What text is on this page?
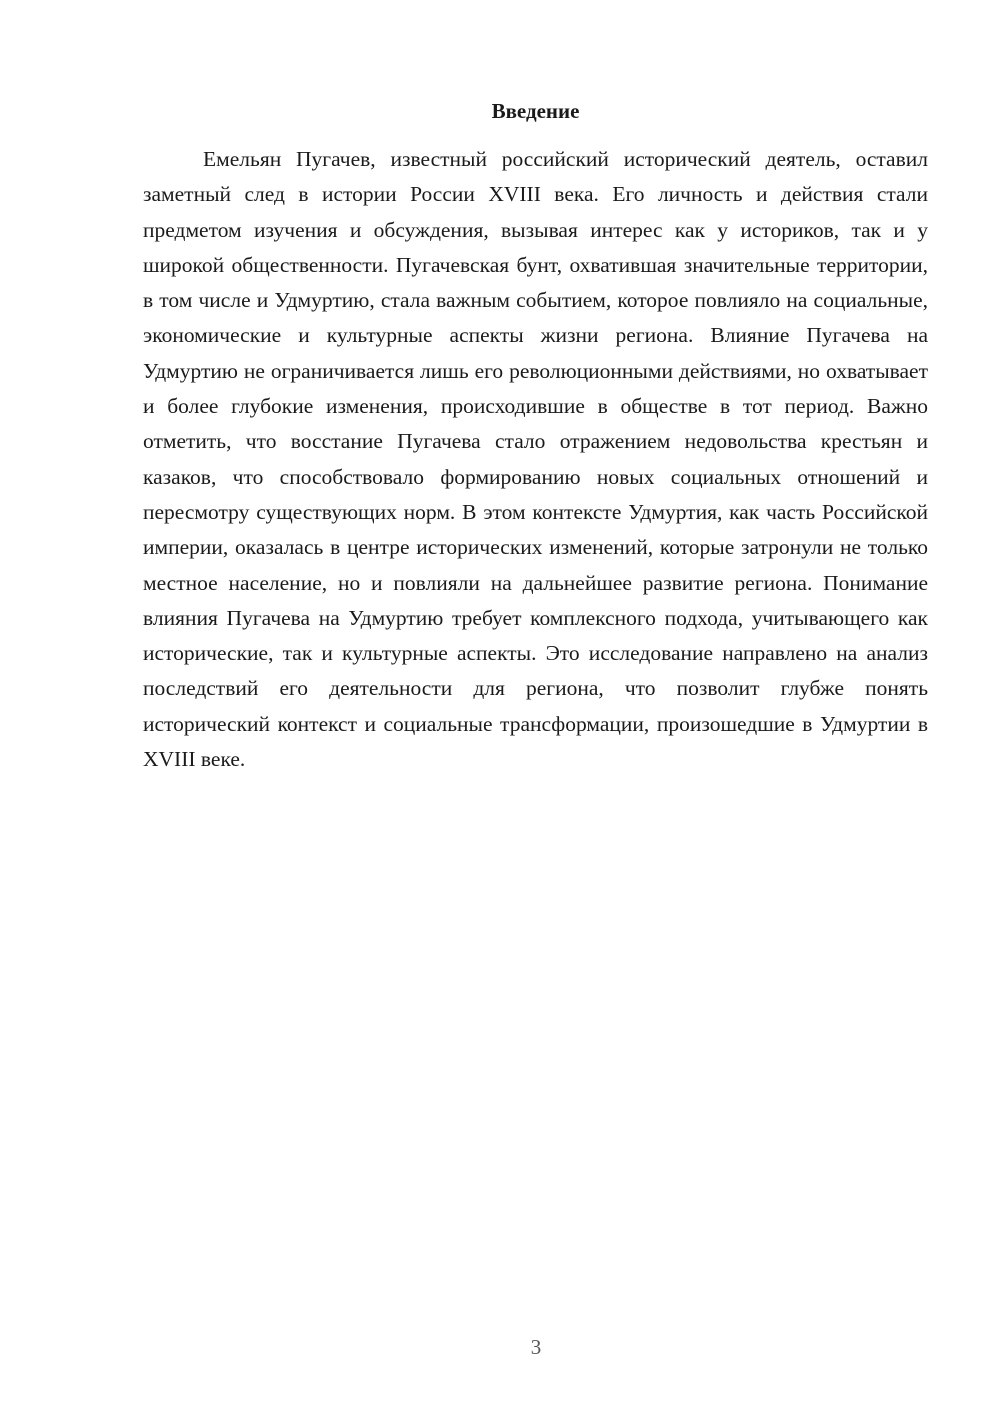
Введение

Емельян Пугачев, известный российский исторический деятель, оставил заметный след в истории России XVIII века. Его личность и действия стали предметом изучения и обсуждения, вызывая интерес как у историков, так и у широкой общественности. Пугачевская бунт, охватившая значительные территории, в том числе и Удмуртию, стала важным событием, которое повлияло на социальные, экономические и культурные аспекты жизни региона. Влияние Пугачева на Удмуртию не ограничивается лишь его революционными действиями, но охватывает и более глубокие изменения, происходившие в обществе в тот период. Важно отметить, что восстание Пугачева стало отражением недовольства крестьян и казаков, что способствовало формированию новых социальных отношений и пересмотру существующих норм. В этом контексте Удмуртия, как часть Российской империи, оказалась в центре исторических изменений, которые затронули не только местное население, но и повлияли на дальнейшее развитие региона. Понимание влияния Пугачева на Удмуртию требует комплексного подхода, учитывающего как исторические, так и культурные аспекты. Это исследование направлено на анализ последствий его деятельности для региона, что позволит глубже понять исторический контекст и социальные трансформации, произошедшие в Удмуртии в XVIII веке.

3
